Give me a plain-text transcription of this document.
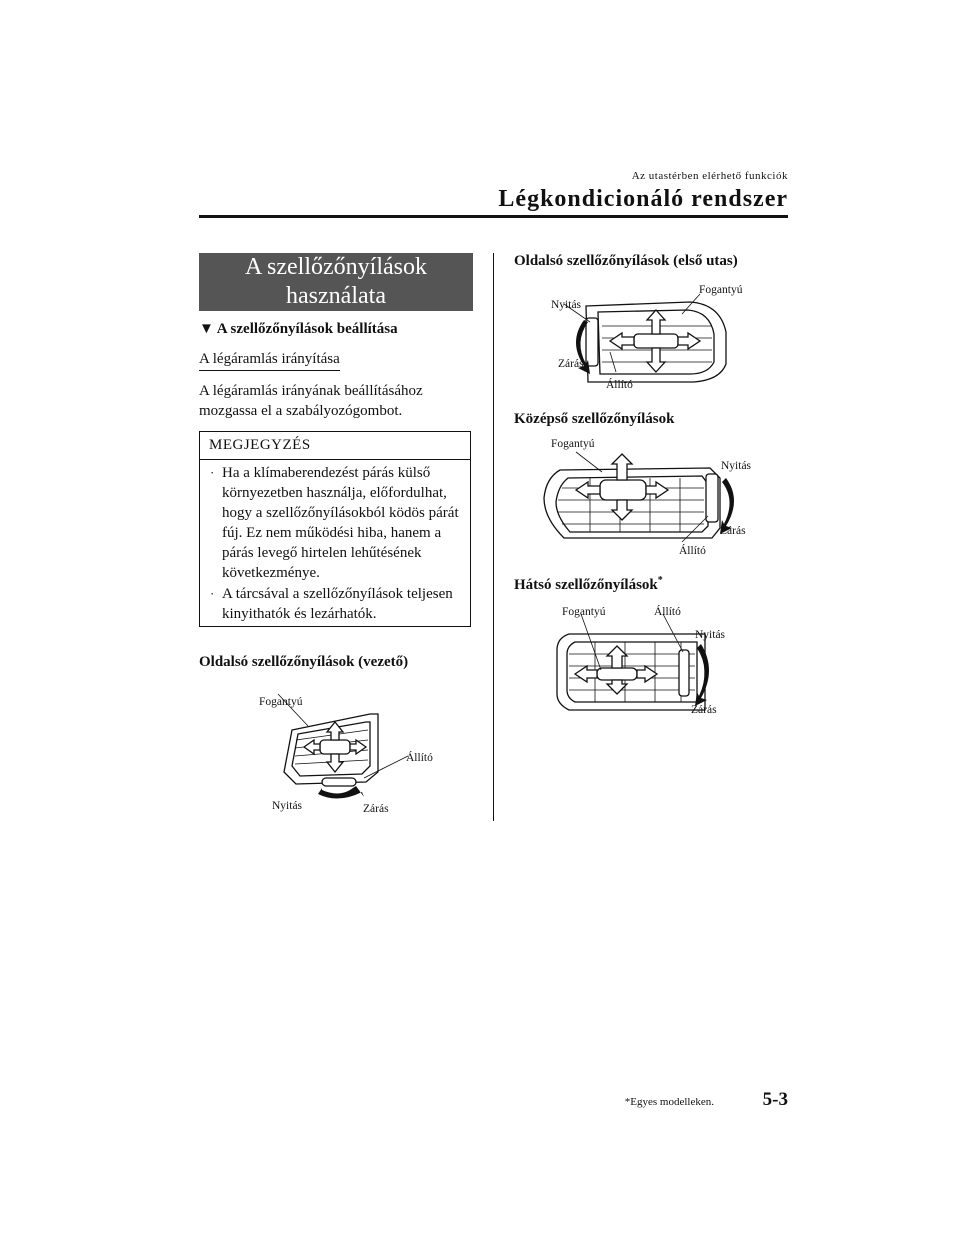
Az utastérben elérhető funkciók
Légkondicionáló rendszer
A szellőzőnyílások
használata
▼ A szellőzőnyílások beállítása
A légáramlás irányítása
A légáramlás irányának beállításához mozgassa el a szabályozógombot.
MEGJEGYZÉS
· Ha a klímaberendezést párás külső környezetben használja, előfordulhat, hogy a szellőzőnyílásokból ködös párát fúj. Ez nem működési hiba, hanem a párás levegő hirtelen lehűtésének következménye.
· A tárcsával a szellőzőnyílások teljesen kinyithatók és lezárhatók.
Oldalsó szellőzőnyílások (vezető)
Fogantyú
Állító
Nyitás	Zárás
Oldalsó szellőzőnyílások (első utas)
Nyitás
Fogantyú
Zárás
Állító
Középső szellőzőnyílások
Fogantyú
Nyitás
Zárás
Állító
Hátsó szellőzőnyílások*
Fogantyú	Állító
Nyitás
Zárás
*Egyes modelleken.	5-3
